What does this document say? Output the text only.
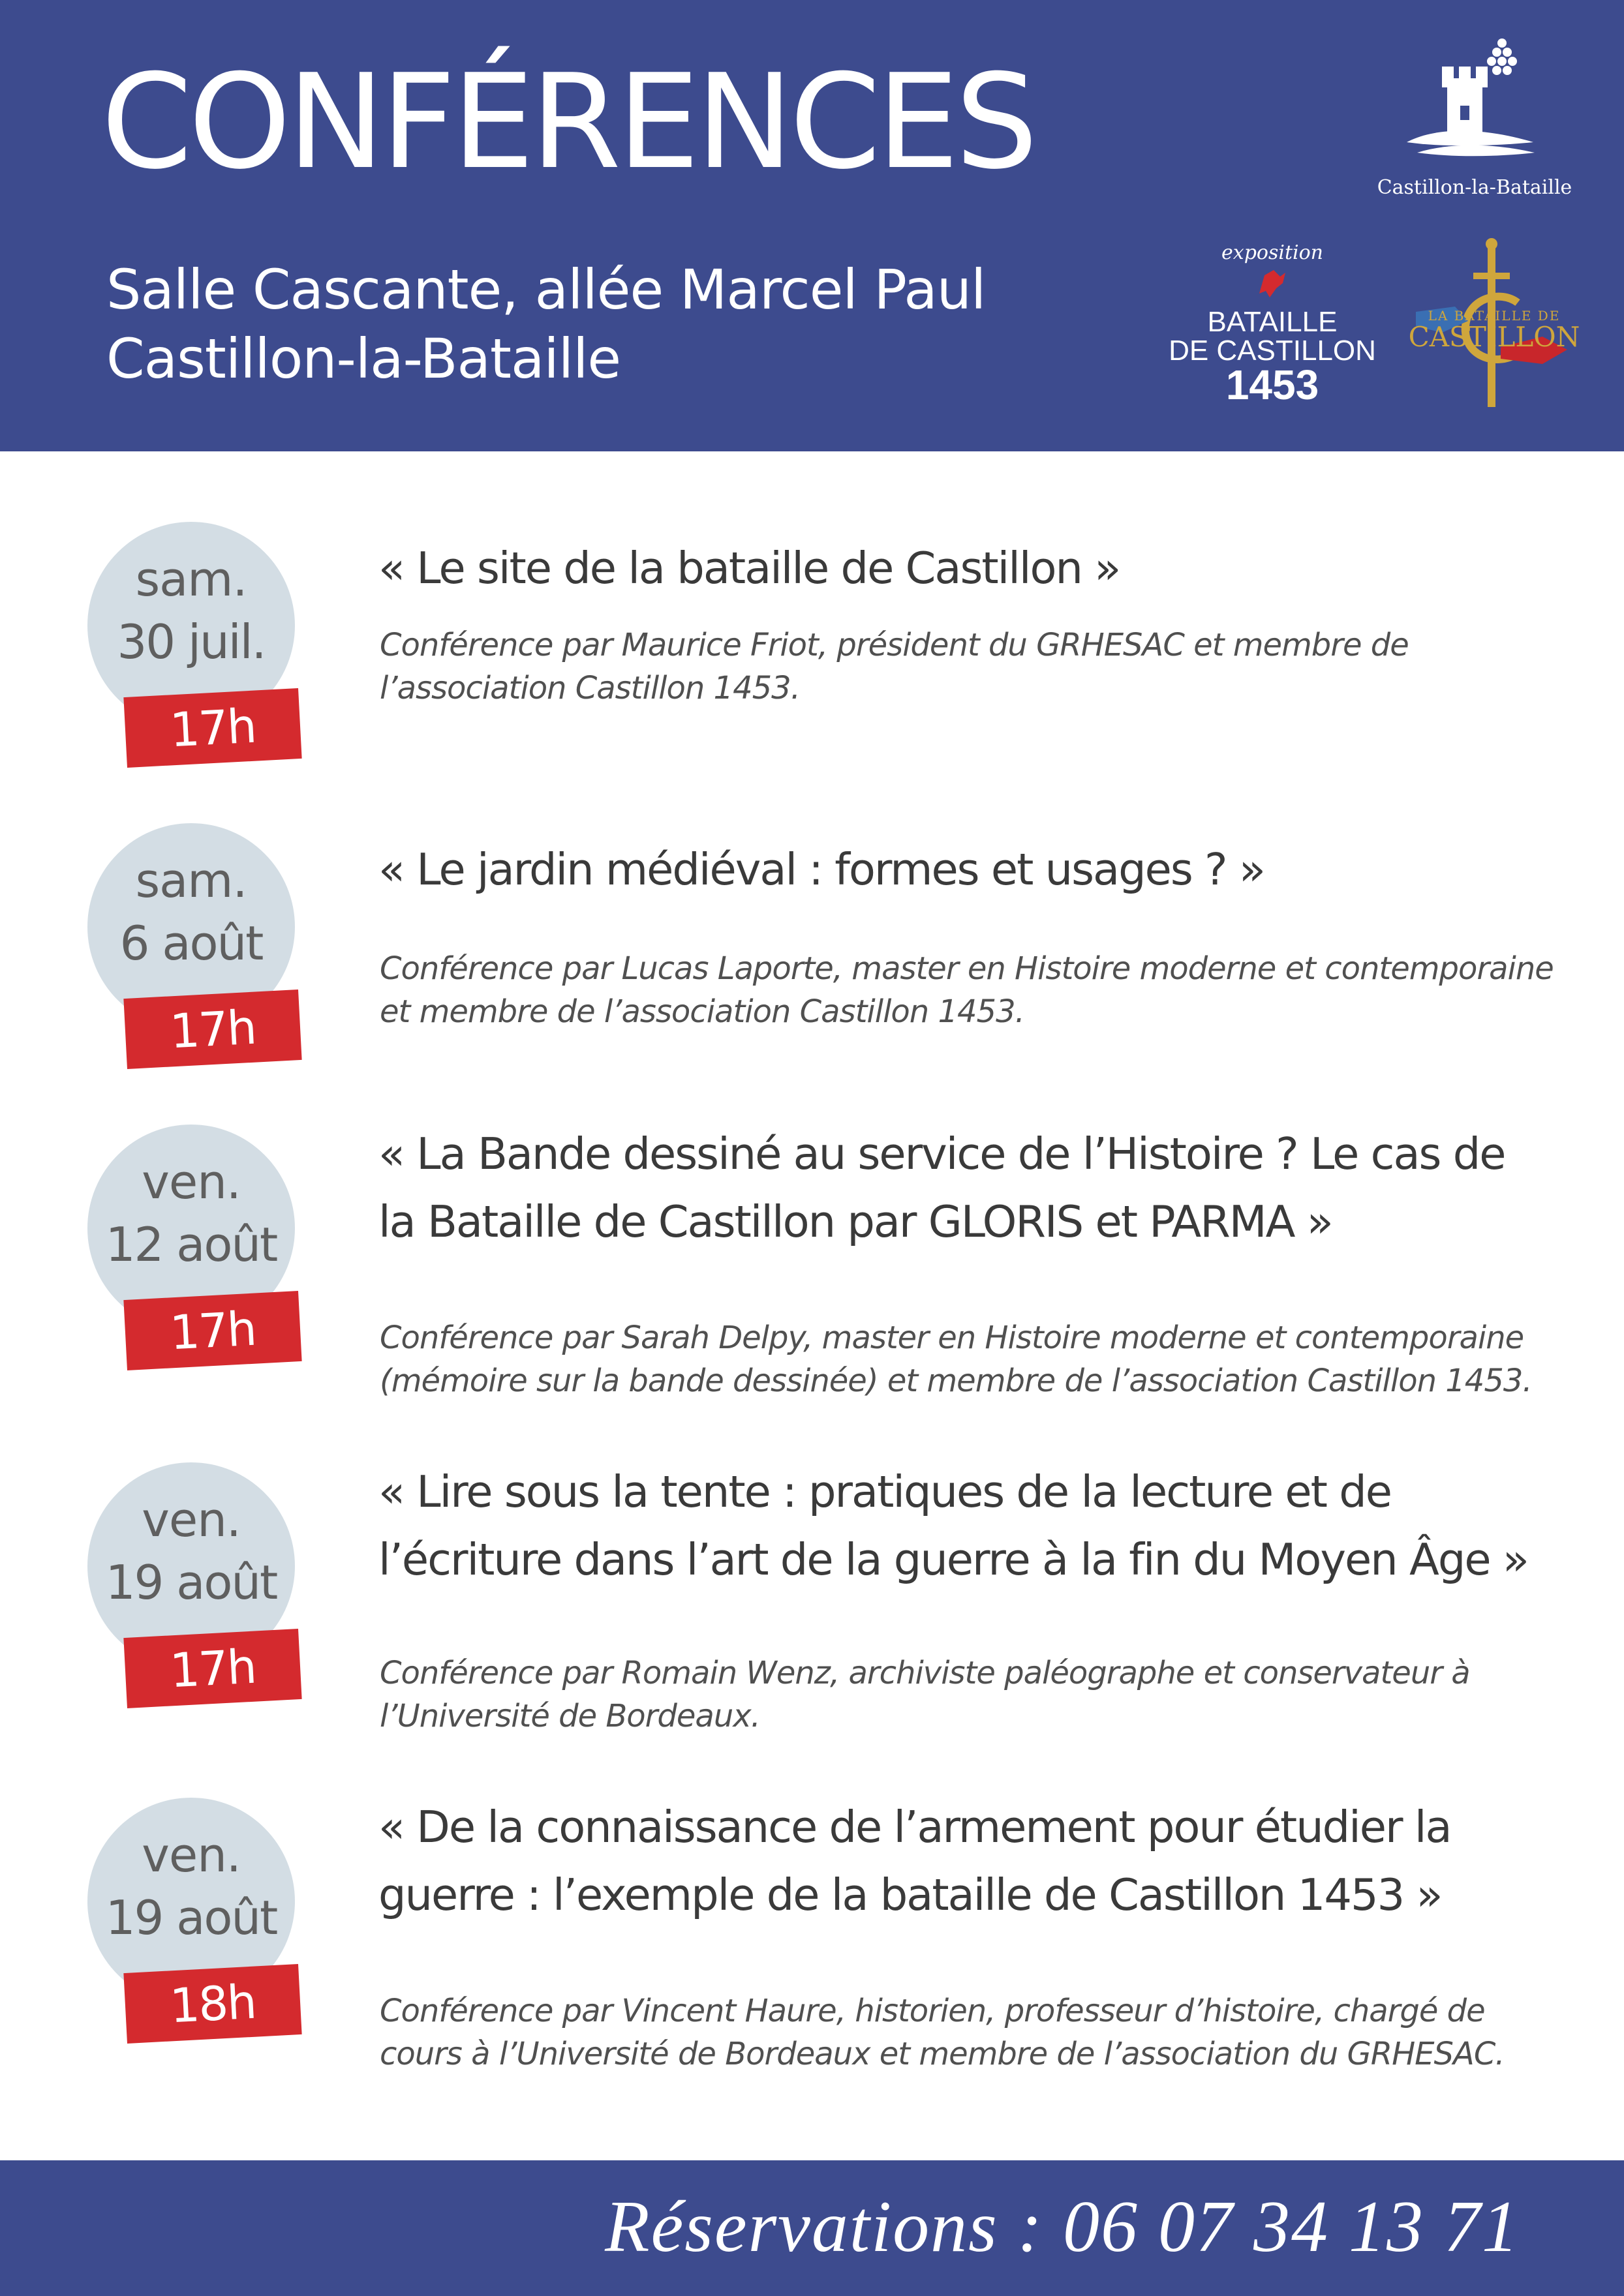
CONFÉRENCES
Salle Cascante, allée Marcel Paul
Castillon-la-Bataille
Castillon-la-Bataille
exposition
BATAILLE
DE CASTILLON
1453
LA BATAILLE DE
CASTILLON
sam.
30 juil.
17h
« Le site de la bataille de Castillon »
Conférence par Maurice Friot, président du GRHESAC et membre de l’association Castillon 1453.
sam.
6 août
17h
« Le jardin médiéval : formes et usages ? »
Conférence par Lucas Laporte, master en Histoire moderne et contemporaine et membre de l’association Castillon 1453.
ven.
12 août
17h
« La Bande dessiné au service de l’Histoire ? Le cas de la Bataille de Castillon par GLORIS et PARMA »
Conférence par Sarah Delpy, master en Histoire moderne et contemporaine (mémoire sur la bande dessinée) et membre de l’association Castillon 1453.
ven.
19 août
17h
« Lire sous la tente : pratiques de la lecture et de l’écriture dans l’art de la guerre à la fin du Moyen Âge »
Conférence par Romain Wenz, archiviste paléographe et conservateur à l’Université de Bordeaux.
ven.
19 août
18h
« De la connaissance de l’armement pour étudier la guerre : l’exemple de la bataille de Castillon 1453 »
Conférence par Vincent Haure, historien, professeur d’histoire, chargé de cours à l’Université de Bordeaux et membre de l’association du GRHESAC.
Réservations : 06 07 34 13 71
